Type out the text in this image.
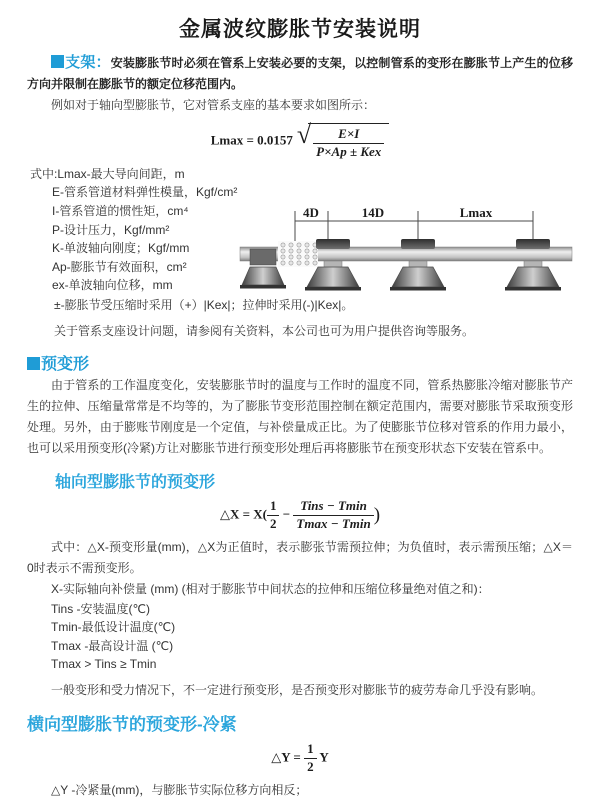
金属波纹膨胀节安装说明

支架：安装膨胀节时必须在管系上安装必要的支架，以控制管系的变形在膨胀节上产生的位移方向并限制在膨胀节的额定位移范围内。

例如对于轴向型膨胀节，它对管系支座的基本要求如图所示：

Lmax = 0.0157 √ $\frac{E\times I}{\text{P×Ap ± Kex}}$
式中:Lmax-最大导向间距，m
E-管系管道材料弹性模量，Kgf/cm²
I-管系管道的惯性矩，cm⁴
P-设计压力，Kgf/mm²
K-单波轴向刚度；Kgf/mm
Ap-膨胀节有效面积，cm²
ex-单波轴向位移，mm

±-膨胀节受压缩时采用（+）|Kex|；拉伸时采用(-)|Kex|。

关于管系支座设计问题，请参阅有关资料，本公司也可为用户提供咨询等服务。

预变形

由于管系的工作温度变化，安装膨胀节时的温度与工作时的温度不同，管系热膨胀冷缩对膨胀节产生的拉伸、压缩量常常是不均等的，为了膨胀节变形范围控制在额定范围内，需要对膨胀节采取预变形处理。另外，由于膨账节刚度是一个定值，与补偿量成正比。为了使膨胀节位移对管系的作用力最小，也可以采用预变形(冷紧)方让对膨胀节进行预变形处理后再将膨胀节在预变形状态下安装在管系中。

轴向型膨胀节的预变形
△X = $X( \frac{1}{2} - \frac{\text{Tins − Tmin}}{Tmax - Tmin}$ )

式中：△X-预变形量(mm)，△X为正值时，表示膨张节需预拉伸；为负值时，表示需预压缩；△X＝0时表示不需预变形。

X-实际轴向补偿量 (mm) (相对于膨胀节中间状态的拉伸和压缩位移量绝对值之和)：

Tins -安装温度(℃)
Tmin-最低设计温度(℃)
Tmax -最高设计温 (℃)
Tmax > Tins ≥ Tmin

一般变形和受力情况下，不一定进行预变形，是否预变形对膨胀节的疲劳寿命几乎没有影响。

横向型膨胀节的预变形-冷紧
△Y = $\frac{1}{2}$ Y

△Y -冷紧量(mm)，与膨胀节实际位移方向相反；

4D	14D	Lmax
